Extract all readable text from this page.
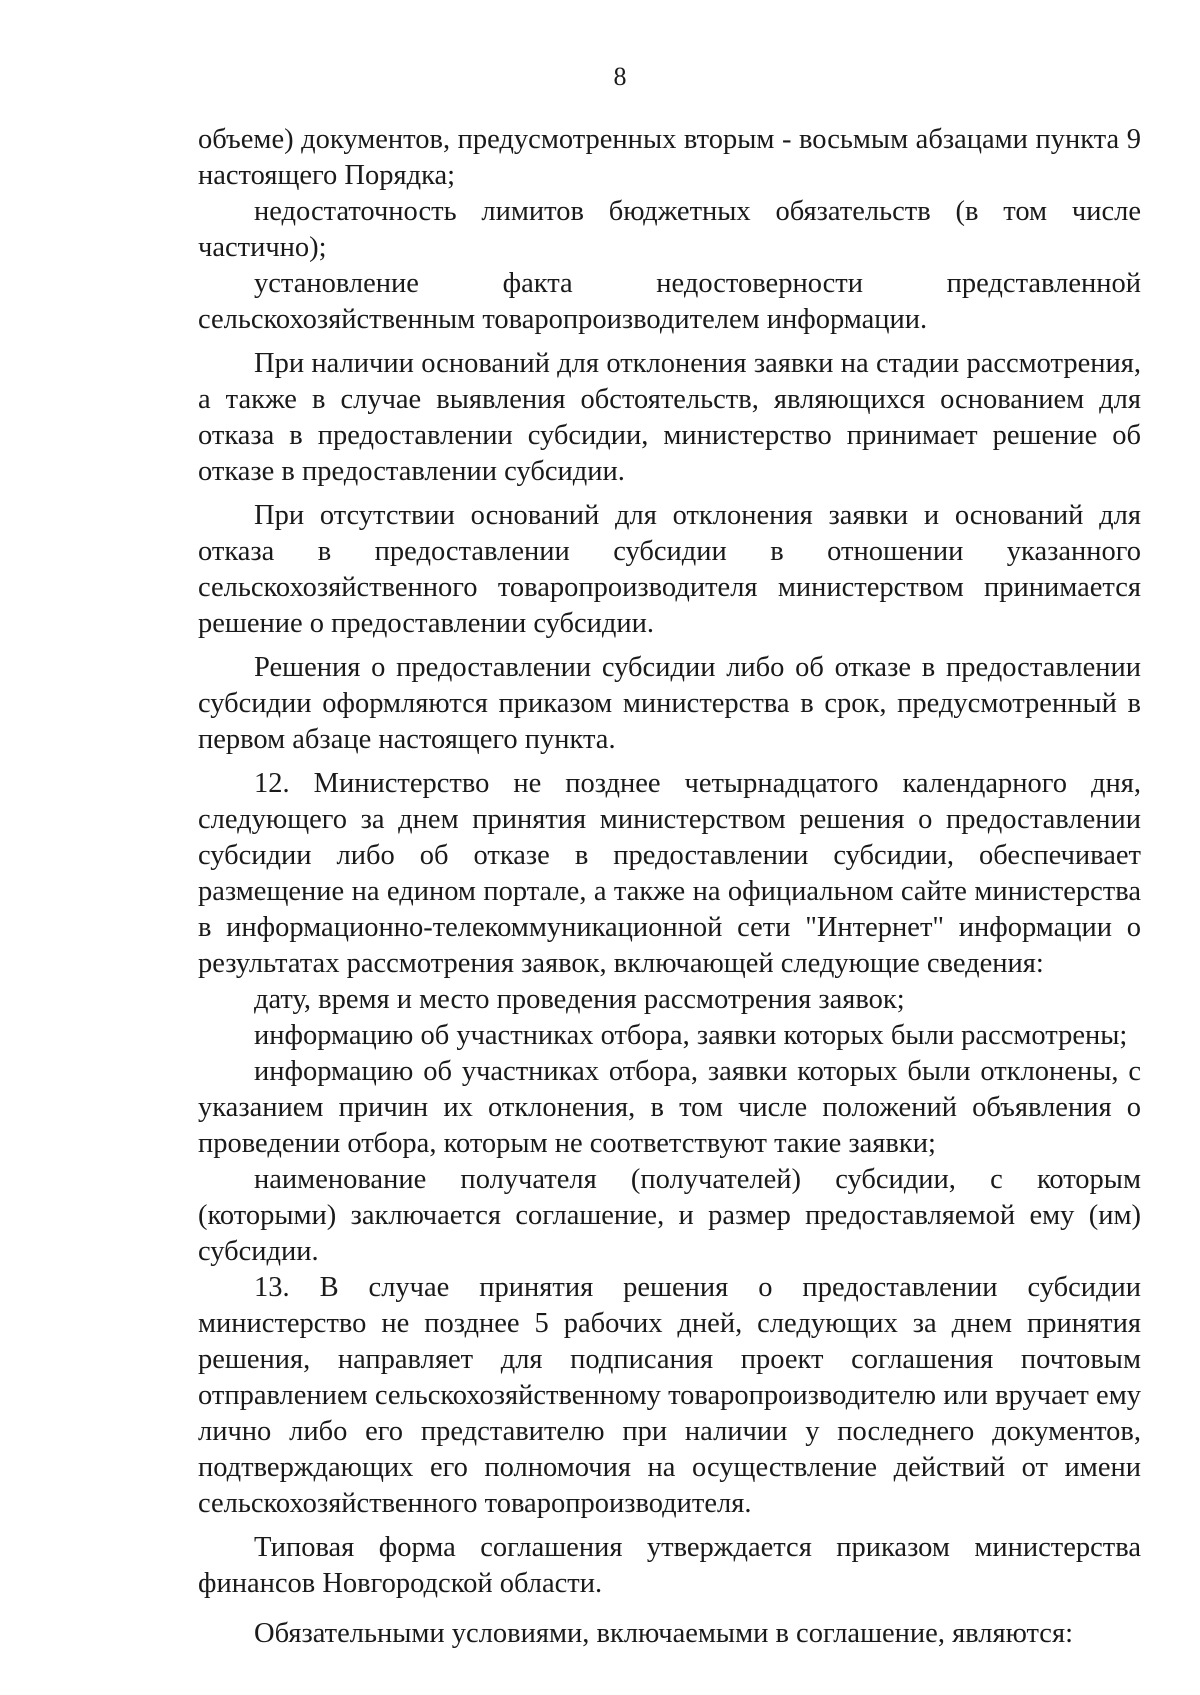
8

объеме) документов, предусмотренных вторым - восьмым абзацами пункта 9 настоящего Порядка;

недостаточность лимитов бюджетных обязательств (в том числе частично);

установление факта недостоверности представленной сельскохозяйственным товаропроизводителем информации.

При наличии оснований для отклонения заявки на стадии рассмотрения, а также в случае выявления обстоятельств, являющихся основанием для отказа в предоставлении субсидии, министерство принимает решение об отказе в предоставлении субсидии.

При отсутствии оснований для отклонения заявки и оснований для отказа в предоставлении субсидии в отношении указанного сельскохозяйственного товаропроизводителя министерством принимается решение о предоставлении субсидии.

Решения о предоставлении субсидии либо об отказе в предоставлении субсидии оформляются приказом министерства в срок, предусмотренный в первом абзаце настоящего пункта.

12. Министерство не позднее четырнадцатого календарного дня, следующего за днем принятия министерством решения о предоставлении субсидии либо об отказе в предоставлении субсидии, обеспечивает размещение на едином портале, а также на официальном сайте министерства в информационно-телекоммуникационной сети "Интернет" информации о результатах рассмотрения заявок, включающей следующие сведения:

дату, время и место проведения рассмотрения заявок;

информацию об участниках отбора, заявки которых были рассмотрены;

информацию об участниках отбора, заявки которых были отклонены, с указанием причин их отклонения, в том числе положений объявления о проведении отбора, которым не соответствуют такие заявки;

наименование получателя (получателей) субсидии, с которым (которыми) заключается соглашение, и размер предоставляемой ему (им) субсидии.

13. В случае принятия решения о предоставлении субсидии министерство не позднее 5 рабочих дней, следующих за днем принятия решения, направляет для подписания проект соглашения почтовым отправлением сельскохозяйственному товаропроизводителю или вручает ему лично либо его представителю при наличии у последнего документов, подтверждающих его полномочия на осуществление действий от имени сельскохозяйственного товаропроизводителя.

Типовая форма соглашения утверждается приказом министерства финансов Новгородской области.

Обязательными условиями, включаемыми в соглашение, являются:
